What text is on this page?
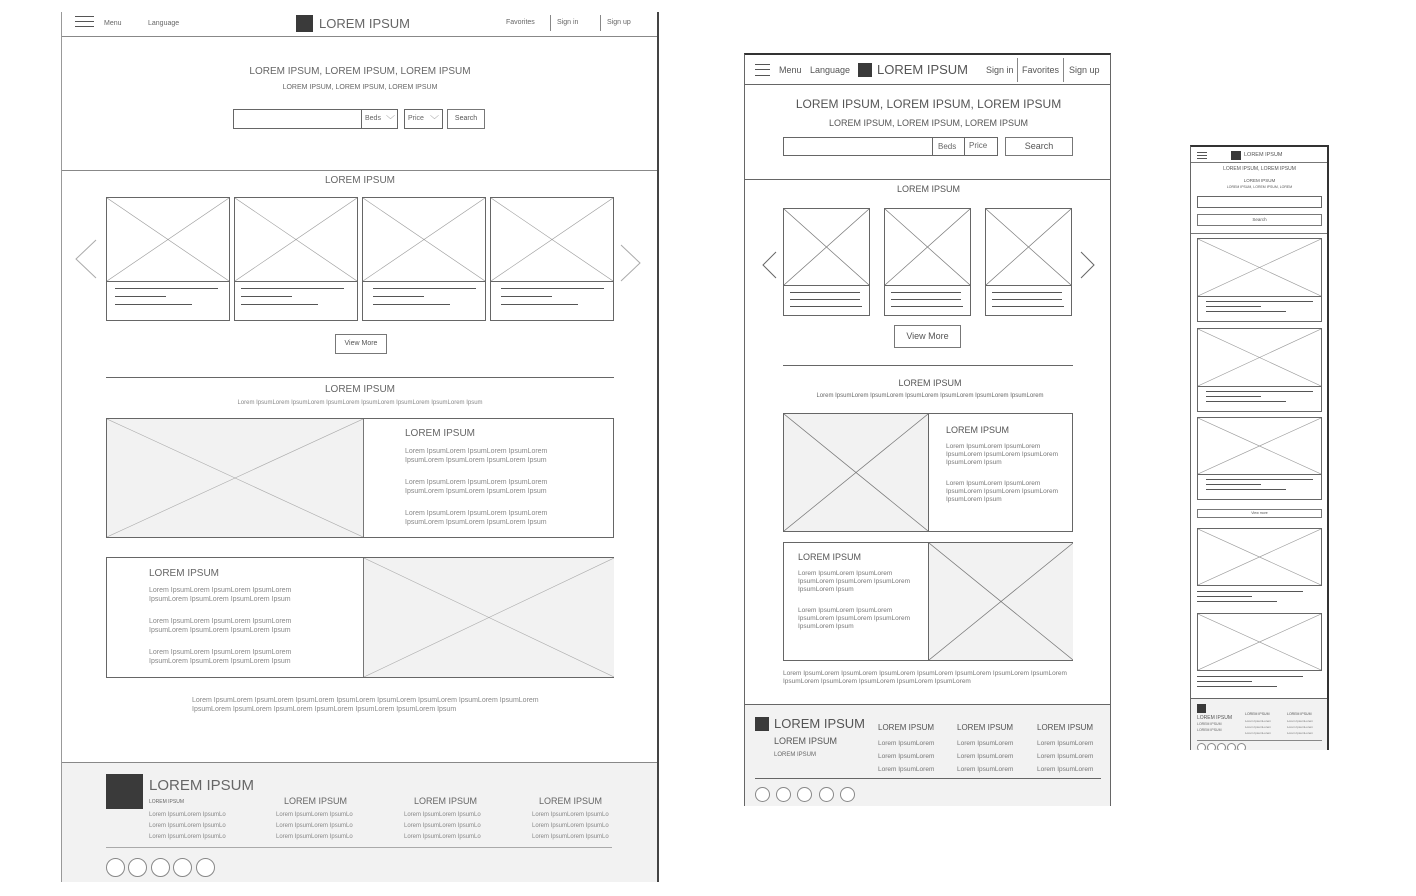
Menu	Language	LOREM IPSUM	Favorites	Sign in	Sign up
LOREM IPSUM, LOREM IPSUM, LOREM IPSUM
LOREM IPSUM, LOREM IPSUM, LOREM IPSUM
Beds ﹀ Price ﹀	Search
LOREM IPSUM
View More
LOREM IPSUM
Lorem IpsumLorem IpsumLorem IpsumLorem IpsumLorem IpsumLorem IpsumLorem Ipsum
LOREM IPSUM
Lorem IpsumLorem IpsumLorem IpsumLorem
IpsumLorem IpsumLorem IpsumLorem Ipsum
Lorem IpsumLorem IpsumLorem IpsumLorem
IpsumLorem IpsumLorem IpsumLorem Ipsum
Lorem IpsumLorem IpsumLorem IpsumLorem
IpsumLorem IpsumLorem IpsumLorem Ipsum
LOREM IPSUM
Lorem IpsumLorem IpsumLorem IpsumLorem
IpsumLorem IpsumLorem IpsumLorem Ipsum
Lorem IpsumLorem IpsumLorem IpsumLorem
IpsumLorem IpsumLorem IpsumLorem Ipsum
Lorem IpsumLorem IpsumLorem IpsumLorem
IpsumLorem IpsumLorem IpsumLorem Ipsum
Lorem IpsumLorem IpsumLorem IpsumLorem IpsumLorem IpsumLorem IpsumLorem IpsumLorem IpsumLorem
IpsumLorem IpsumLorem IpsumLorem IpsumLorem IpsumLorem IpsumLorem Ipsum
LOREM IPSUM
LOREM IPSUM
Lorem IpsumLorem IpsumLo
Lorem IpsumLorem IpsumLo
Lorem IpsumLorem IpsumLo
LOREM IPSUM
Lorem IpsumLorem IpsumLo
Lorem IpsumLorem IpsumLo
Lorem IpsumLorem IpsumLo
LOREM IPSUM
Lorem IpsumLorem IpsumLo
Lorem IpsumLorem IpsumLo
Lorem IpsumLorem IpsumLo
LOREM IPSUM
Lorem IpsumLorem IpsumLo
Lorem IpsumLorem IpsumLo
Lorem IpsumLorem IpsumLo
Menu Language LOREM IPSUM Sign in Favorites Sign up
LOREM IPSUM, LOREM IPSUM, LOREM IPSUM
LOREM IPSUM, LOREM IPSUM, LOREM IPSUM
Beds Price	Search
LOREM IPSUM
View More
LOREM IPSUM
Lorem IpsumLorem IpsumLorem IpsumLorem IpsumLorem IpsumLorem IpsumLorem
LOREM IPSUM
Lorem IpsumLorem IpsumLorem
IpsumLorem IpsumLorem IpsumLorem
IpsumLorem Ipsum
Lorem IpsumLorem IpsumLorem
IpsumLorem IpsumLorem IpsumLorem
IpsumLorem Ipsum
LOREM IPSUM
Lorem IpsumLorem IpsumLorem
IpsumLorem IpsumLorem IpsumLorem
IpsumLorem Ipsum
Lorem IpsumLorem IpsumLorem
IpsumLorem IpsumLorem IpsumLorem
IpsumLorem Ipsum
Lorem IpsumLorem IpsumLorem IpsumLorem IpsumLorem IpsumLorem IpsumLorem IpsumLorem
IpsumLorem IpsumLorem IpsumLorem IpsumLorem IpsumLorem
LOREM IPSUM
LOREM IPSUM
LOREM IPSUM
LOREM IPSUM
Lorem IpsumLorem
Lorem IpsumLorem
Lorem IpsumLorem
LOREM IPSUM
Lorem IpsumLorem
Lorem IpsumLorem
Lorem IpsumLorem
LOREM IPSUM
Lorem IpsumLorem
Lorem IpsumLorem
Lorem IpsumLorem
LOREM IPSUM
LOREM IPSUM, LOREM IPSUM
LOREM IPSUM
LOREM IPSUM, LOREM IPSUM, LOREM
Search
View more
LOREM IPSUM
LOREM IPSUM
LOREM IPSUM
LOREM IPSUM
Lorem IpsumLorem
Lorem IpsumLorem
Lorem IpsumLorem
LOREM IPSUM
Lorem IpsumLorem
Lorem IpsumLorem
Lorem IpsumLorem
